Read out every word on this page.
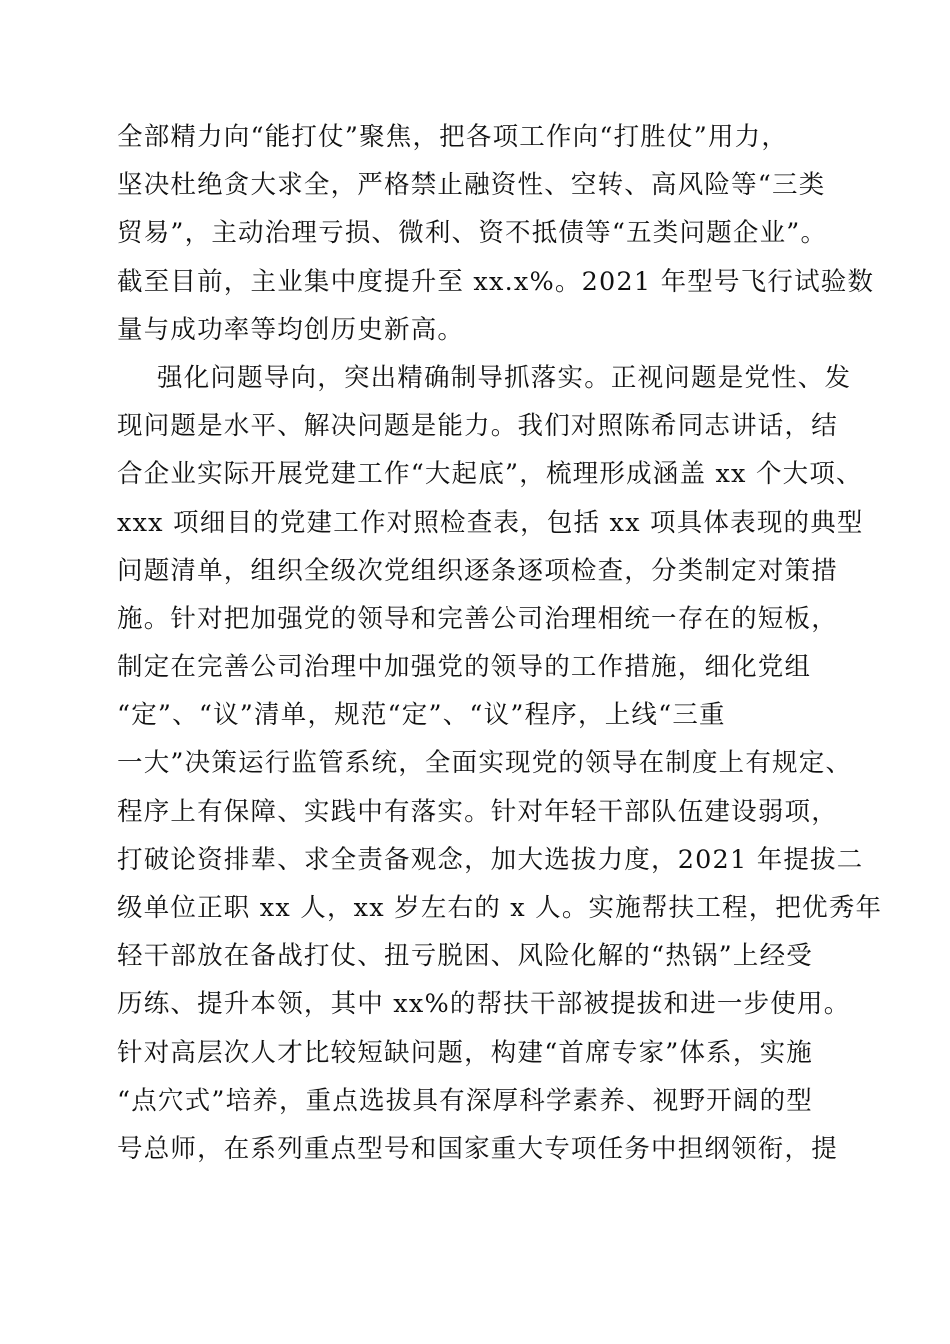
全部精力向“能打仗”聚焦，把各项工作向“打胜仗”用力，
坚决杜绝贪大求全，严格禁止融资性、空转、高风险等“三类
贸易”，主动治理亏损、微利、资不抵债等“五类问题企业”。
截至目前，主业集中度提升至 xx.x%。2021 年型号飞行试验数
量与成功率等均创历史新高。
强化问题导向，突出精确制导抓落实。正视问题是党性、发
现问题是水平、解决问题是能力。我们对照陈希同志讲话，结
合企业实际开展党建工作“大起底”，梳理形成涵盖 xx 个大项、
xxx 项细目的党建工作对照检查表，包括 xx 项具体表现的典型
问题清单，组织全级次党组织逐条逐项检查，分类制定对策措
施。针对把加强党的领导和完善公司治理相统一存在的短板，
制定在完善公司治理中加强党的领导的工作措施，细化党组
“定”、“议”清单，规范“定”、“议”程序，上线“三重
一大”决策运行监管系统，全面实现党的领导在制度上有规定、
程序上有保障、实践中有落实。针对年轻干部队伍建设弱项，
打破论资排辈、求全责备观念，加大选拔力度，2021 年提拔二
级单位正职 xx 人，xx 岁左右的 x 人。实施帮扶工程，把优秀年
轻干部放在备战打仗、扭亏脱困、风险化解的“热锅”上经受
历练、提升本领，其中 xx%的帮扶干部被提拔和进一步使用。
针对高层次人才比较短缺问题，构建“首席专家”体系，实施
“点穴式”培养，重点选拔具有深厚科学素养、视野开阔的型
号总师，在系列重点型号和国家重大专项任务中担纲领衔，提
